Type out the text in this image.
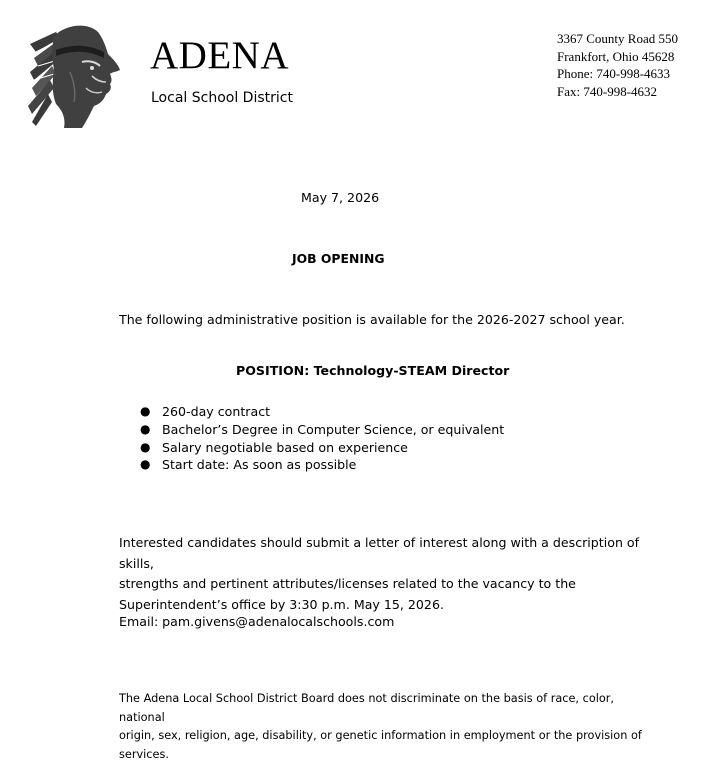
ADENA
Local School District
3367 County Road 550
Frankfort, Ohio 45628
Phone: 740-998-4633
Fax: 740-998-4632
May 7, 2026
JOB OPENING
The following administrative position is available for the 2026-2027 school year.
POSITION: Technology-STEAM Director
● 260-day contract
● Bachelor’s Degree in Computer Science, or equivalent
● Salary negotiable based on experience
● Start date: As soon as possible
Interested candidates should submit a letter of interest along with a description of skills,
strengths and pertinent attributes/licenses related to the vacancy to the
Superintendent’s office by 3:30 p.m. May 15, 2026.
Email: pam.givens@adenalocalschools.com
The Adena Local School District Board does not discriminate on the basis of race, color, national
origin, sex, religion, age, disability, or genetic information in employment or the provision of
services.
